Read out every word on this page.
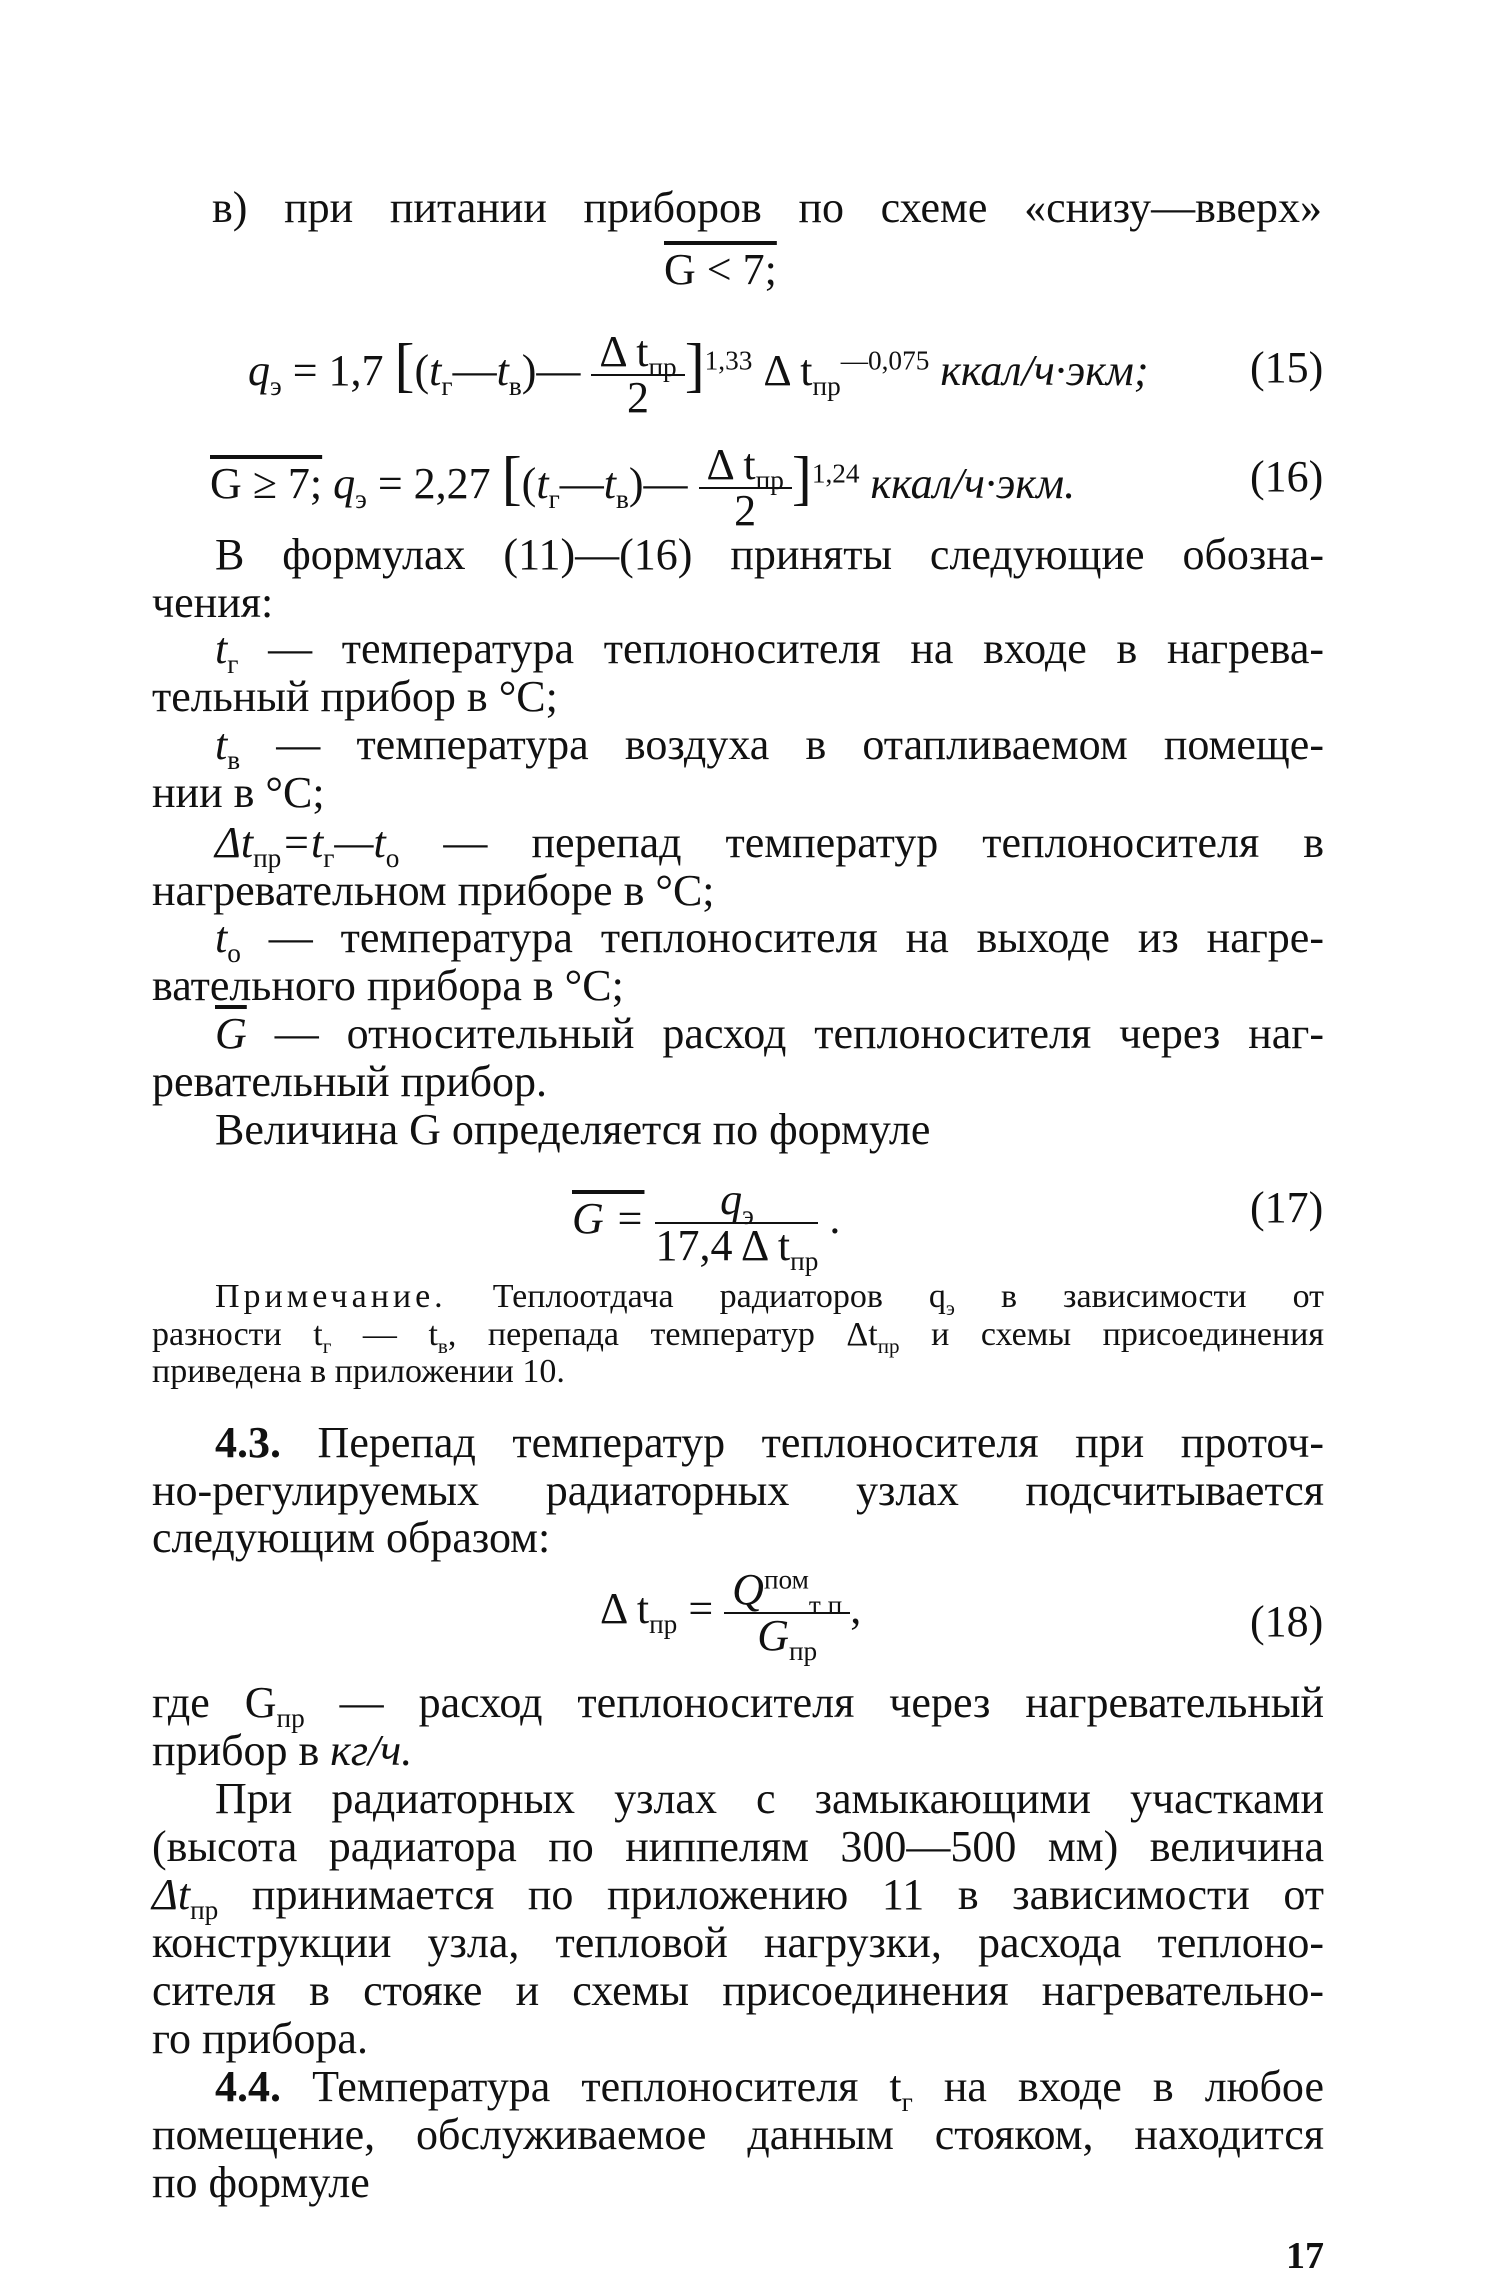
в) при питании приборов по схеме «снизу—вверх»
G < 7;
$q_э = 1,7$ $[(t_г—t_в)— \frac{\Delta t_{пр}}{2} ]^{1,33}$ Δ $t_{пр}^{—0,075}$ ккал/ч·экм; (15)
G ≥ 7; $q_э = 2,27$ $[(t_г—t_в)— \frac{\Delta t_{пр}}{2} ]^{1,24}$ ккал/ч·экм.	(16)
В формулах (11)—(16) приняты следующие обозна-
чения:
$t_г$ — температура теплоносителя на входе в нагрева-
тельный прибор в °С;
$t_в$ — температура воздуха в отапливаемом помеще-
нии в °С;
$\Delta t_{пр}=t_г—t_о$ — перепад температур теплоносителя в
нагревательном приборе в °С;
$t_о$ — температура теплоносителя на выходе из нагре-
вательного прибора в °С;
$\overline{G}$ — относительный расход теплоносителя через наг-
ревательный прибор.
Величина G определяется по формуле
$G = \frac{q_э}{17,4 \Delta t_{пр}}$ .	(17)
Примечание. Теплоотдача радиаторов $q_э$ в зависимости от
разности $t_г$ — $t_в$, перепада температур $\Delta t_{пр}$ и схемы присоединения
приведена в приложении 10.
4.3. Перепад температур теплоносителя при проточ-
но-регулируемых радиаторных узлах подсчитывается
следующим образом:
Δ $t_{пр} = \frac{Q^{пом}_{т п}}{G_{пр}}$ ,	(18)
где $G_{пр}$ — расход теплоносителя через нагревательный
прибор в кг/ч.
При радиаторных узлах с замыкающими участками
(высота радиатора по ниппелям 300—500 мм) величина
$\Delta t_{пр}$ принимается по приложению 11 в зависимости от
конструкции узла, тепловой нагрузки, расхода теплоно-
сителя в стояке и схемы присоединения нагревательно-
го прибора.
4.4. Температура теплоносителя $t_г$ на входе в любое
помещение, обслуживаемое данным стояком, находится
по формуле
17
